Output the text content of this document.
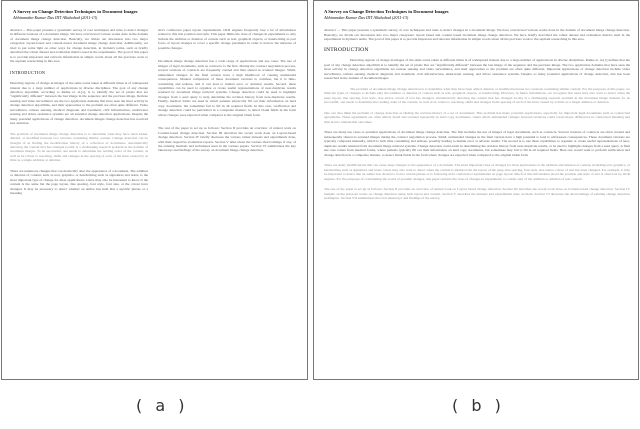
A Survey on Change Detection Techniques in Document Images
Abhinandan Kumar Das IIIT Allahabad (2011-13)

Abstract— This paper presents a systematic survey of core techniques and rules to detect changes in different versions of a document image. We have overviewed various works done in the domain of document image change detection. Basically, we divide our discussion into two major categories: layout-based and content-based document image change detection. Additionally, we tried to put some light on other ways for change detection, in layman's terms, such as briefly described the robust dataset and evaluation metrics used in the experiments. The goal of this paper is to provide important and relevant information in simple words about all the previous work to the aspirant researching in this area.

INTRODUCTION

Detecting regions of change in images of the same scene taken at different times is of widespread interest due to a large number of applications in diverse disciplines. The goal of any change detection algorithm, according to Radke et. al.[1], is to identify the set of pixels that are “significantly different” between the last image in the sequence and the previous image. Remote sensing and video surveillance are the two application domains that have seen the most activity in change detection algorithms, and their approaches to the problem are often quite different. Video surveillance, remote sensing, medical diagnosis and treatment, civil infrastructure, underwater sensing and driver assistance systems are all essential change detection applications. Despite the many potential applications of change detection, document images change detection has received less attention.

The problem of document image change detection is to determine what may have been added, deleted, or modified between two versions containing similar content. Change detection can be thought of as finding the modification history of a collection of documents. Automatically detecting the content that has changed locally is a challenging research problem in the domain of document images. To be successful, one needs to determine the reading order of the content, as well as be robust to rescaling, shifts and changes in the spacing of each of the lines caused by as little as a single addition or deletion.

There are numerous changes that can drastically alter the appearance of a document. The addition or deletion of content, such as text, graphics, or handwriting such as signatures and notes, is the most important type of change for most applications. Users may also be interested to know if the content is the same but the page layout, line spacing, font style, font size, or the colour have changed. It may be necessary to detect whether an author has held that a specific phrase or a meaning

strict conference paper layout requirements. OCR engines frequently lose a lot of information related to this text position and style. This paper limits the class of changes in experiments to only include the addition or deletion of content such as text, graphical objects, or handwriting as part focus of layout changes to cover a specific change parameter in order to narrow the universe of possible changes.

Document image change detection has a wide range of applications and use cases. The use of images of legal documents, such as contracts, is the first. During the contract negotiation process, several versions of contracts are frequently created and then shared as scanned images. Small, unintended changes in the final version have a high likelihood of causing unintended consequences. Manual comparison of these document versions is common, but it is time-consuming and tedious, and it can lead to human error or abandon results. Second, these capabilities can be used to organize or create useful representations of near-duplicate results returned by document image retrieval systems. Change detection could be used to highlight changes from a seed query to help determine the revision history from near-duplicate results. Finally, medical forms are used in which patients physically fill out their information on hard copy documents, but sometimes fail to fill in all required fields. In this case, verification and change detection could be performed in a composite manner, to detect blank fields in the form where changes were expected when compared to the original blank form.

The rest of the paper is set up as follows: Section II provides an overview of related work on Content-based change detection. Section III describes the recent work done on Layout-based change detection. Section IV briefly discusses the various robust datasets and experiments done, with their respective evaluation reports. Section V talks about the various shortcomings, if any, of the existing methods and techniques used in the various papers. Section VI summarizes the key takeaways and findings of the survey on document image change detection.

A Survey on Change Detection Techniques in Document Images
Abhinandan Kumar Das IIIT Allahabad (2011-13)

Abstract — This paper presents a systematic survey of core techniques and rules to detect changes in a document image. We have overviewed various works done in the domain of document image change detection. Basically, we divide our discussion into two major categories: layout based and content based document image change detection. We have briefly described the robust dataset and evaluation metrics used in the experiments in layman's terms. The goal of this paper is to provide important and relevant information in simple words about all the previous work to the aspirant researching in this area.

INTRODUCTION

Detecting regions of change in images of the same scene taken at different times is of widespread interest due to a large number of applications in diverse disciplines. Radke et. al.[1] defines that the goal of any change detection algorithm is to identify the set of pixels that are “significantly different” between the last image of the sequence and the previous image. The two application domains that have seen the most activity in change detection algorithms are remote sensing and video surveillance, and their approaches to the problem are often quite different. Important applications of change detection include video surveillance, remote sensing, medical diagnosis and treatment, civil infrastructure, underwater sensing, and driver assistance systems. Despite so many potential applications of change detection, less has been researched in the domain of document images.

The problem of document image change detection is to determine what may have been added, deleted, or modified between two versions containing similar content. For the purposes of this paper, we limit the types of changes to include only the addition or deletion of content such as text, graphical objects, or handwriting. However, in future installations, we recognize that users may also want to detect when the page layout, line spacing, font style, size and/or colour of text has changed. Automatically detecting the content that has changed locally is a challenging research problem in the document image domain. To be successful, one needs to determine the reading order of the content, as well as be robust to rescaling, shifts and changes in the spacing of each of the lines caused by as little as a single addition or deletion.

One can also think the problem of change detection as finding the revision history of a set of documents. This problem has many potential applications, especially for important legal documents such as contractual agreements. These agreements are often edited, faxed and scanned repeatedly on hard copy documents, where small, unintended changes between revisions could create major differences in contractual meaning and thus lead to undesirable outcomes.

There are many use cases or potential applications of document image change detection. The first includes the use of images of legal documents, such as contracts. Several versions of contracts are often created and subsequently shared as scanned images during the contract negotiation process. Small, unintended changes in the final version have a high potential to lead to unforeseen consequences. These document versions are typically compared manually, which is both time consuming and tedious, possibly leading to human error or adverse results. The second is to use these capabilities to organize or create useful representations of near-duplicate results returned from document image retrieval systems. Change detection could assist in determining the revision history from near-duplicate results, or be used to highlight changes from a seed query. A final use case comes from medical forms, where patients typically fill out their information on hard copy documents, but sometimes may fail to fill in all required fields. Here one would want to perform verification and change detection in a composite manner, to detect blank fields in the form where changes are expected when compared to the original blank form.

There are many modifications that can cause large changes to the appearance of a document. The most important class of changes for most applications is the addition and deletion of content, including text, graphics, or handwriting such as signatures and notes. Users may also want to detect when the content is identical but the layout of the page, line spacing, font style, size and/or colour of text has been changed. For example, it may be important to detect that an author has chosen to bold a certain phrase or is following strict conference requirements on page layout. Much of this information about the position and style of text is often lost by OCR engines. For the purposes of constraining the world of possible changes, this paper restricts the class of changes in experiments to consist only of the addition or deletion of text content.

The rest of the paper is set up as follows: Section II provides an overview of related work on Layout based change detection. Section III describes the recent work done on Content-based change detection. Section IV insights on the previous works on change detection using both layout and content. Section V describes the datasets and experiments done on them. Section VI discusses the shortcomings of existing change detection techniques. Section VII summarizes the total takeaways and findings of the survey.

( a )	( b )
